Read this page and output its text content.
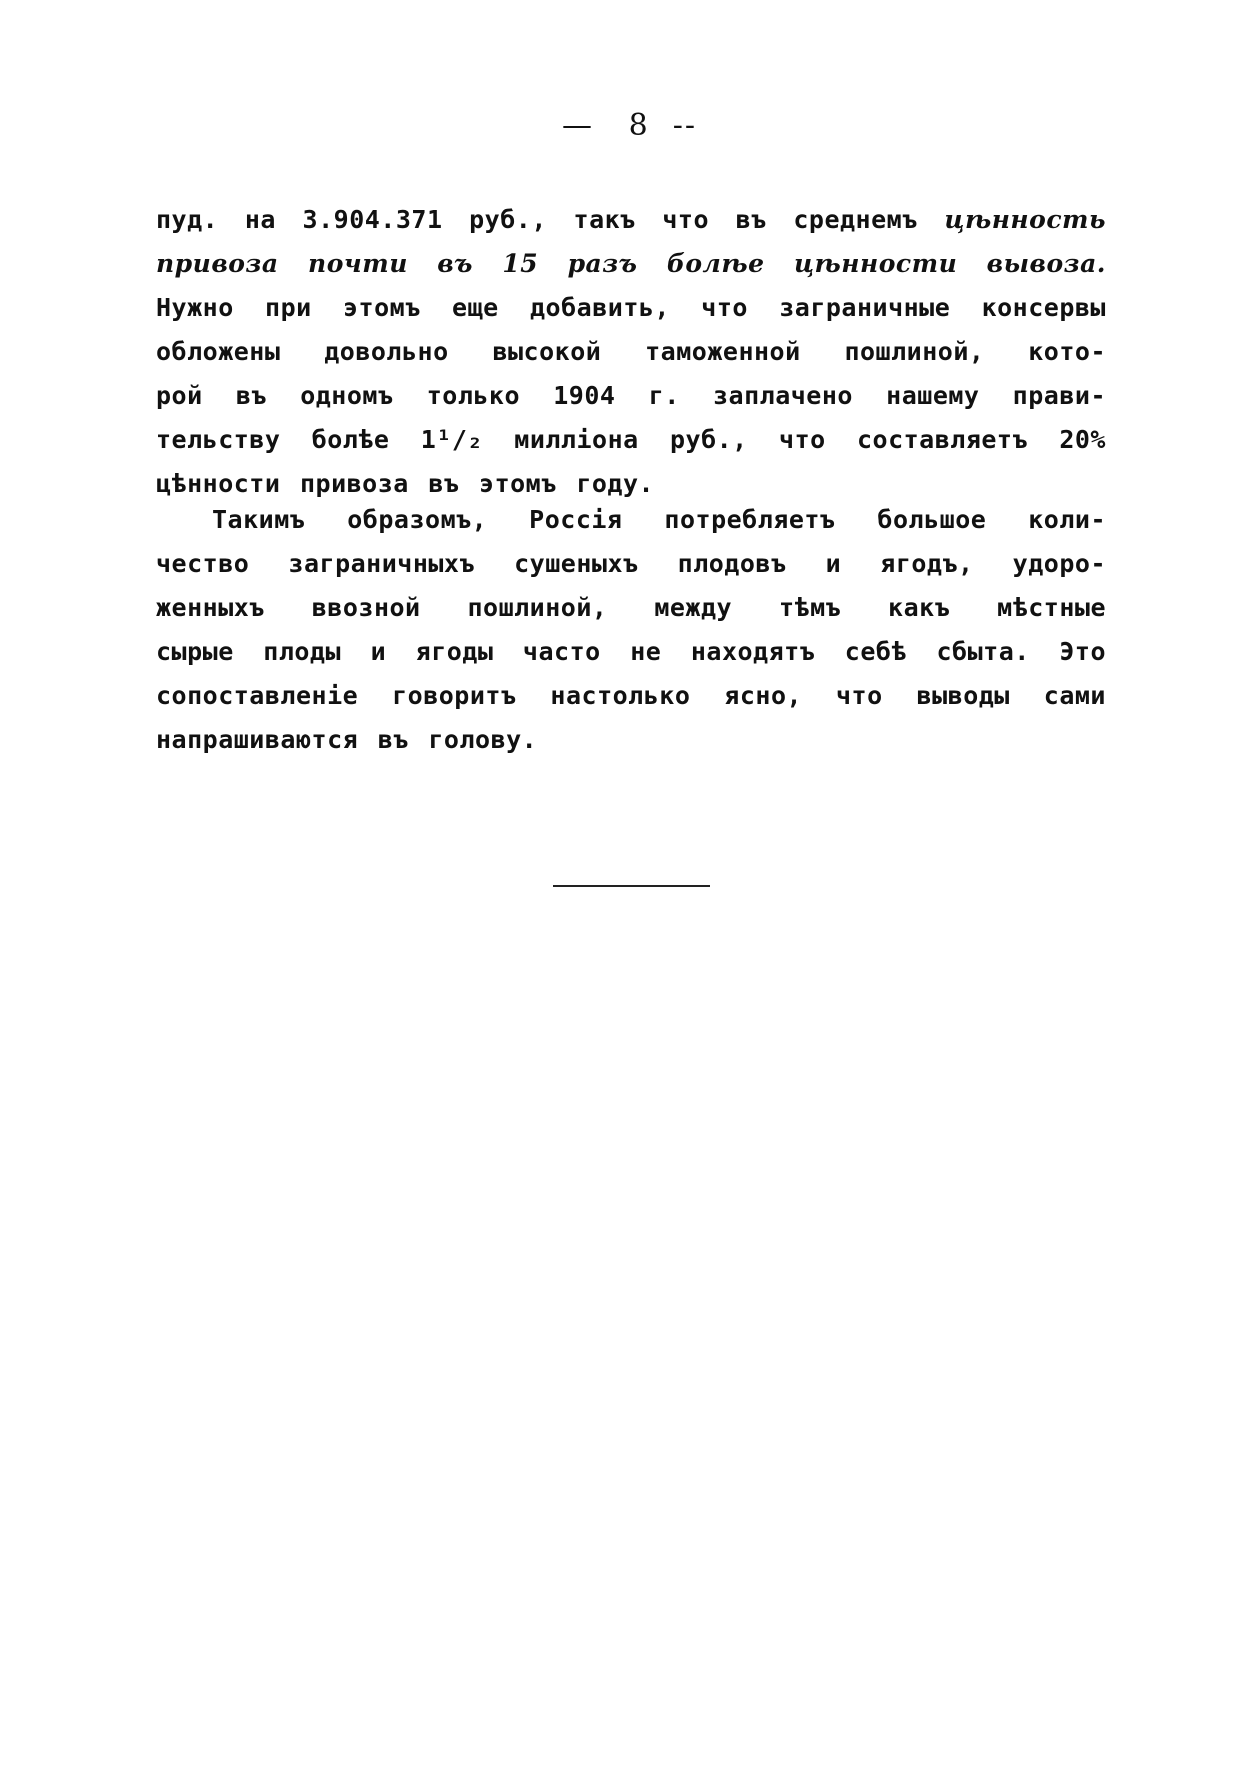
—   8  --
пуд. на 3.904.371 руб., такъ что въ среднемъ цѣнность
привоза почти въ 15 разъ болѣе цѣнности вывоза.
Нужно при этомъ еще добавить, что заграничные консервы
обложены довольно высокой таможенной пошлиной, кото-
рой въ одномъ только 1904 г. заплачено нашему прави-
тельству болѣе 1¹/₂ милліона руб., что составляетъ 20%
цѣнности привоза въ этомъ году.
Такимъ образомъ, Россія потребляетъ большое коли-
чество заграничныхъ сушеныхъ плодовъ и ягодъ, удоро-
женныхъ ввозной пошлиной, между тѣмъ какъ мѣстные
сырые плоды и ягоды часто не находятъ себѣ сбыта. Это
сопоставленіе говоритъ настолько ясно, что выводы сами
напрашиваются въ голову.
